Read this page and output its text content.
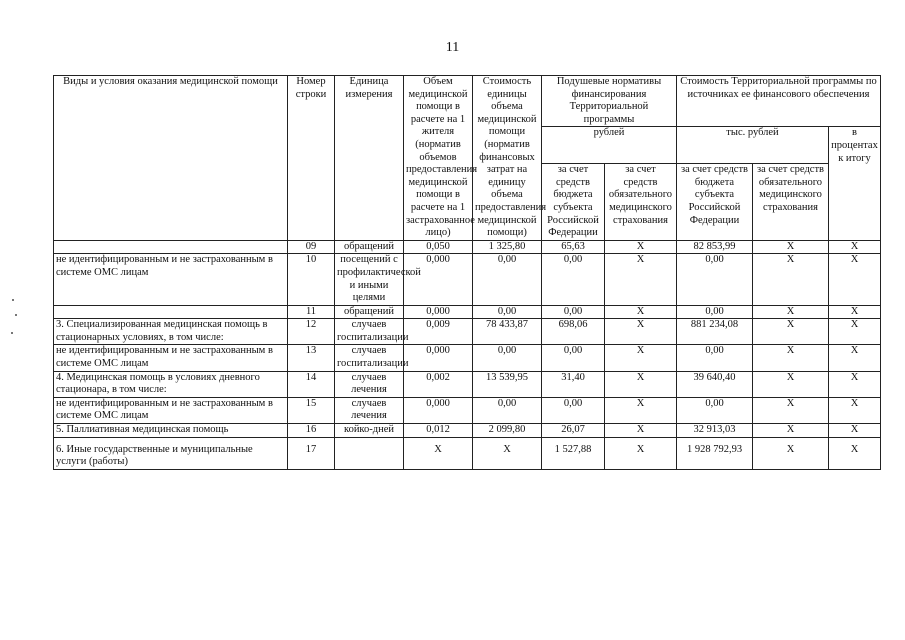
11
Виды и условия оказания медицинской помощи	Номер строки	Единица измерения	Объем медицинской помощи в расчете на 1 жителя (норматив объемов предоставления медицинской помощи в расчете на 1 застрахованное лицо)	Стоимость единицы объема медицинской помощи (норматив финансовых затрат на единицу объема предоставления медицинской помощи)	Подушевые нормативы финансирования Территориальной программы		Стоимость Территориальной программы по источниках ее финансового обеспечения		
					рублей		тыс. рублей		в процентах к итогу
					за счет средств бюджета субъекта Российской Федерации	за счет средств обязательного медицинского страхования	за счет средств бюджета субъекта Российской Федерации	за счет средств обязательного медицинского страхования	
	09	обращений	0,050	1 325,80	65,63	X	82 853,99	X	X
не идентифицированным и не застрахованным в системе ОМС лицам	10	посещений с профилактической и иными целями	0,000	0,00	0,00	X	0,00	X	X
	11	обращений	0,000	0,00	0,00	X	0,00	X	X
3. Специализированная медицинская помощь в стационарных условиях, в том числе:	12	случаев госпитализации	0,009	78 433,87	698,06	X	881 234,08	X	X
не идентифицированным и не застрахованным в системе ОМС лицам	13	случаев госпитализации	0,000	0,00	0,00	X	0,00	X	X
4. Медицинская помощь в условиях дневного стационара, в том числе:	14	случаев лечения	0,002	13 539,95	31,40	X	39 640,40	X	X
не идентифицированным и не застрахованным в системе ОМС лицам	15	случаев лечения	0,000	0,00	0,00	X	0,00	X	X
5. Паллиативная медицинская помощь	16	койко-дней	0,012	2 099,80	26,07	X	32 913,03	X	X
6. Иные государственные и муниципальные услуги (работы)	17		X	X	1 527,88	X	1 928 792,93	X	X
